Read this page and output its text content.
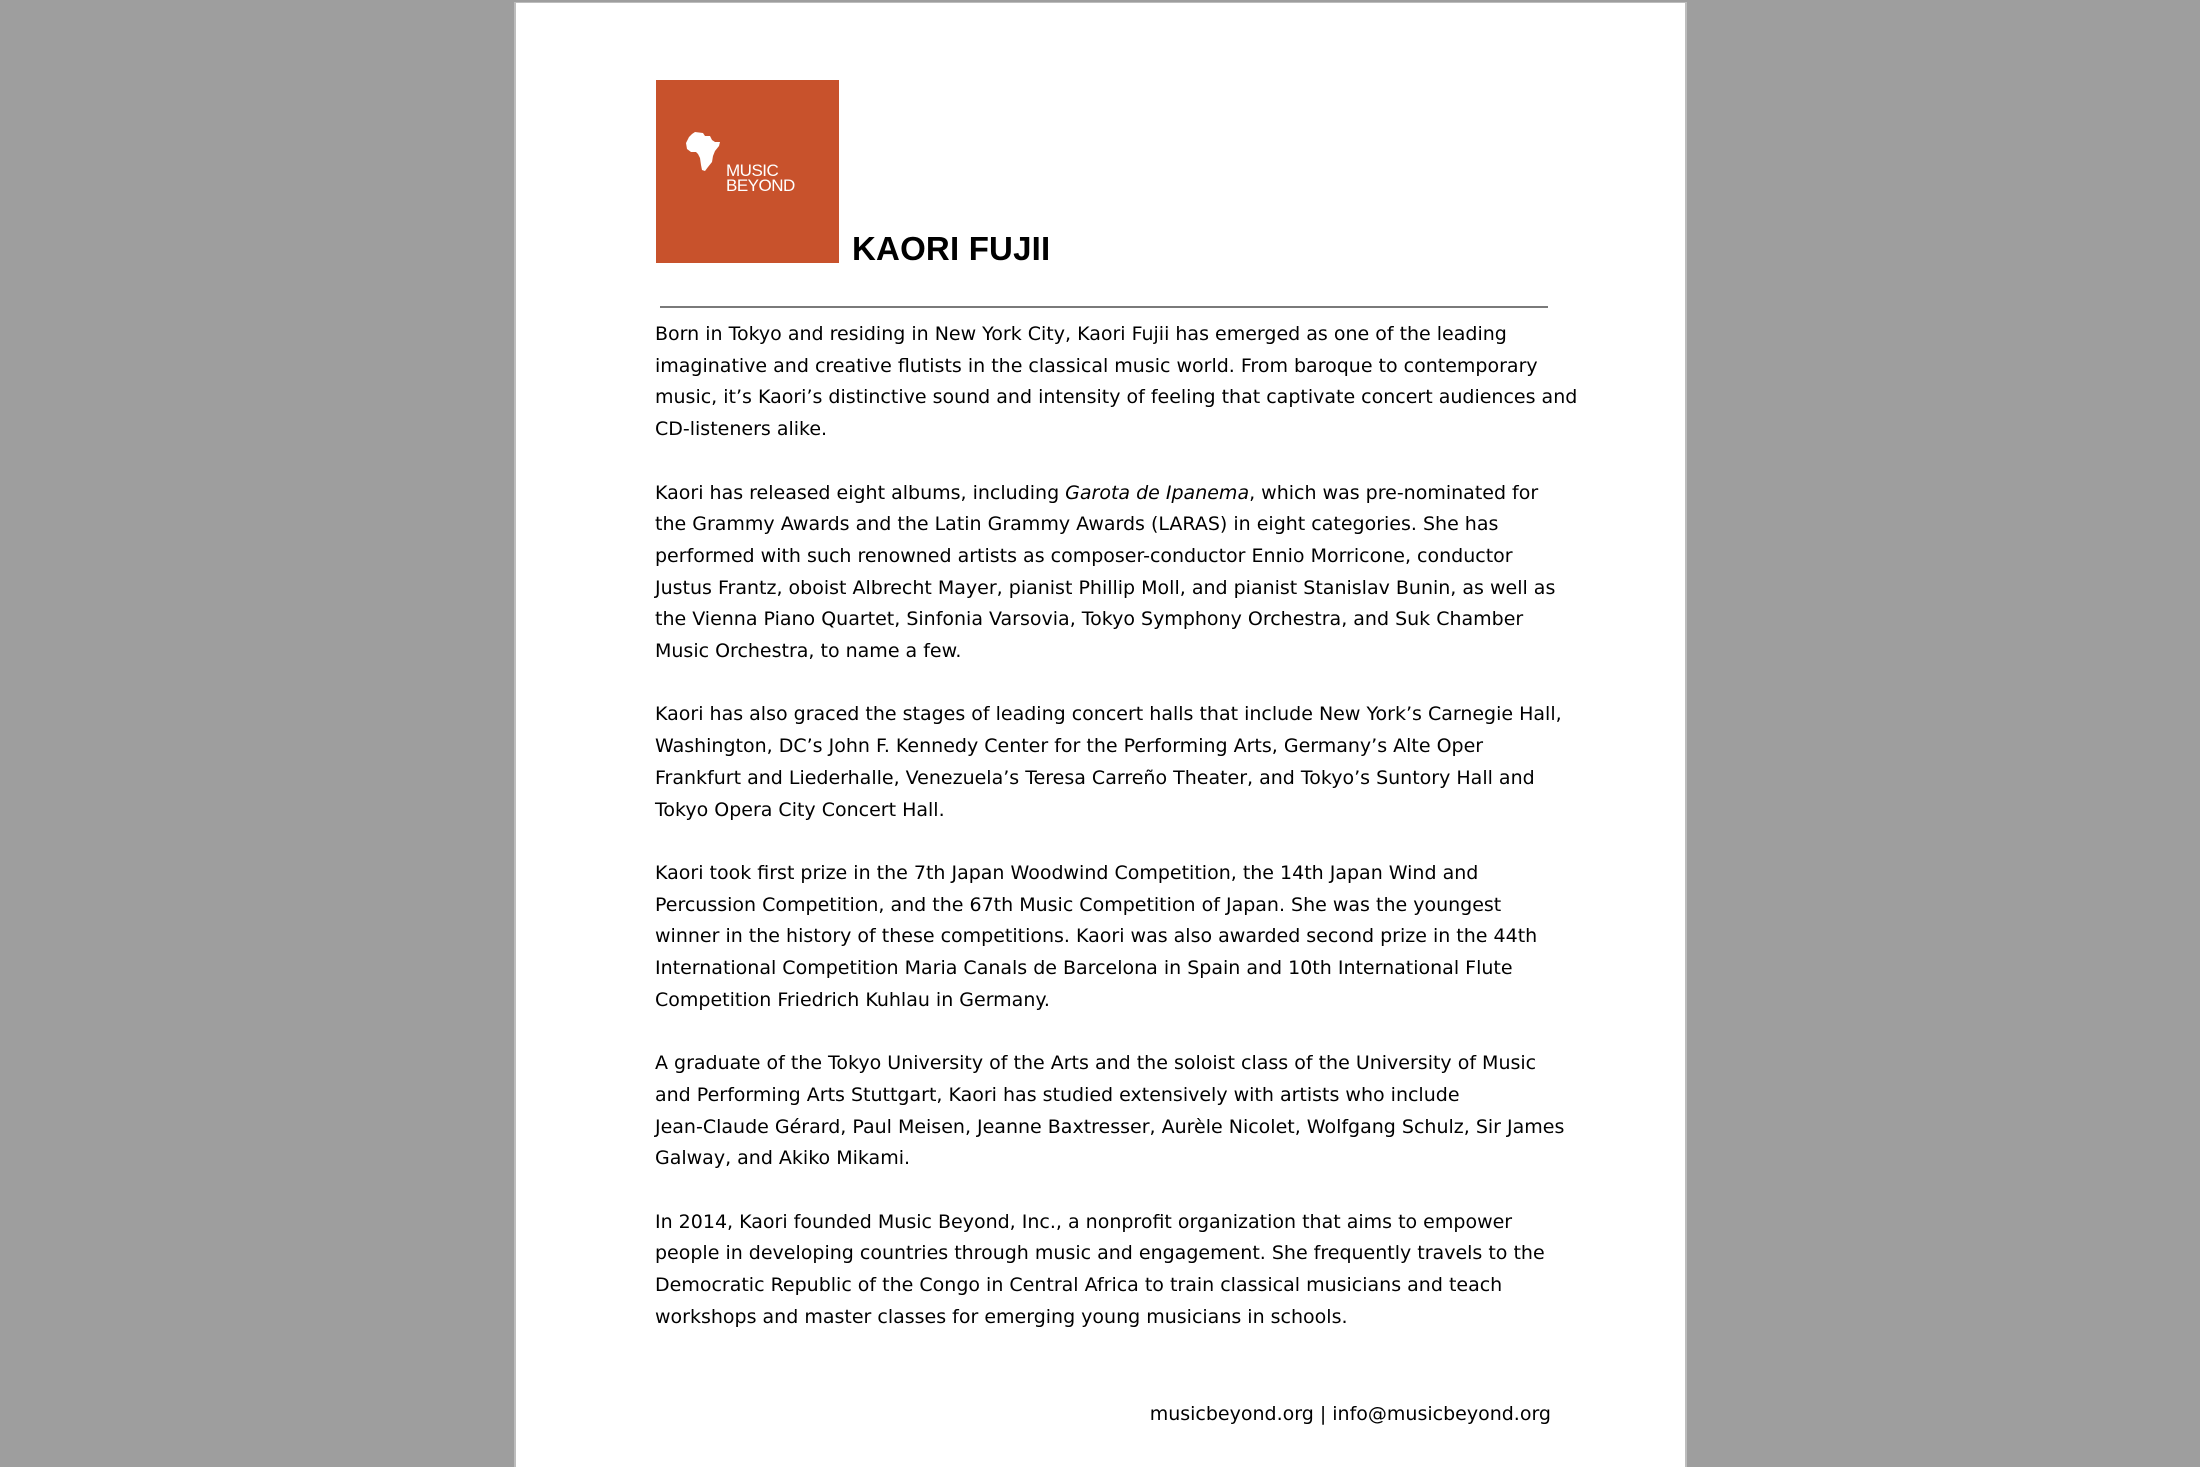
MUSIC
BEYOND
KAORI FUJII

Born in Tokyo and residing in New York City, Kaori Fujii has emerged as one of the leading
imaginative and creative flutists in the classical music world. From baroque to contemporary
music, it’s Kaori’s distinctive sound and intensity of feeling that captivate concert audiences and
CD-listeners alike.

Kaori has released eight albums, including Garota de Ipanema, which was pre-nominated for
the Grammy Awards and the Latin Grammy Awards (LARAS) in eight categories. She has
performed with such renowned artists as composer-conductor Ennio Morricone, conductor
Justus Frantz, oboist Albrecht Mayer, pianist Phillip Moll, and pianist Stanislav Bunin, as well as
the Vienna Piano Quartet, Sinfonia Varsovia, Tokyo Symphony Orchestra, and Suk Chamber
Music Orchestra, to name a few.

Kaori has also graced the stages of leading concert halls that include New York’s Carnegie Hall,
Washington, DC’s John F. Kennedy Center for the Performing Arts, Germany’s Alte Oper
Frankfurt and Liederhalle, Venezuela’s Teresa Carreño Theater, and Tokyo’s Suntory Hall and
Tokyo Opera City Concert Hall.

Kaori took first prize in the 7th Japan Woodwind Competition, the 14th Japan Wind and
Percussion Competition, and the 67th Music Competition of Japan. She was the youngest
winner in the history of these competitions. Kaori was also awarded second prize in the 44th
International Competition Maria Canals de Barcelona in Spain and 10th International Flute
Competition Friedrich Kuhlau in Germany.

A graduate of the Tokyo University of the Arts and the soloist class of the University of Music
and Performing Arts Stuttgart, Kaori has studied extensively with artists who include
Jean-Claude Gérard, Paul Meisen, Jeanne Baxtresser, Aurèle Nicolet, Wolfgang Schulz, Sir James
Galway, and Akiko Mikami.

In 2014, Kaori founded Music Beyond, Inc., a nonprofit organization that aims to empower
people in developing countries through music and engagement. She frequently travels to the
Democratic Republic of the Congo in Central Africa to train classical musicians and teach
workshops and master classes for emerging young musicians in schools.

musicbeyond.org | info@musicbeyond.org
